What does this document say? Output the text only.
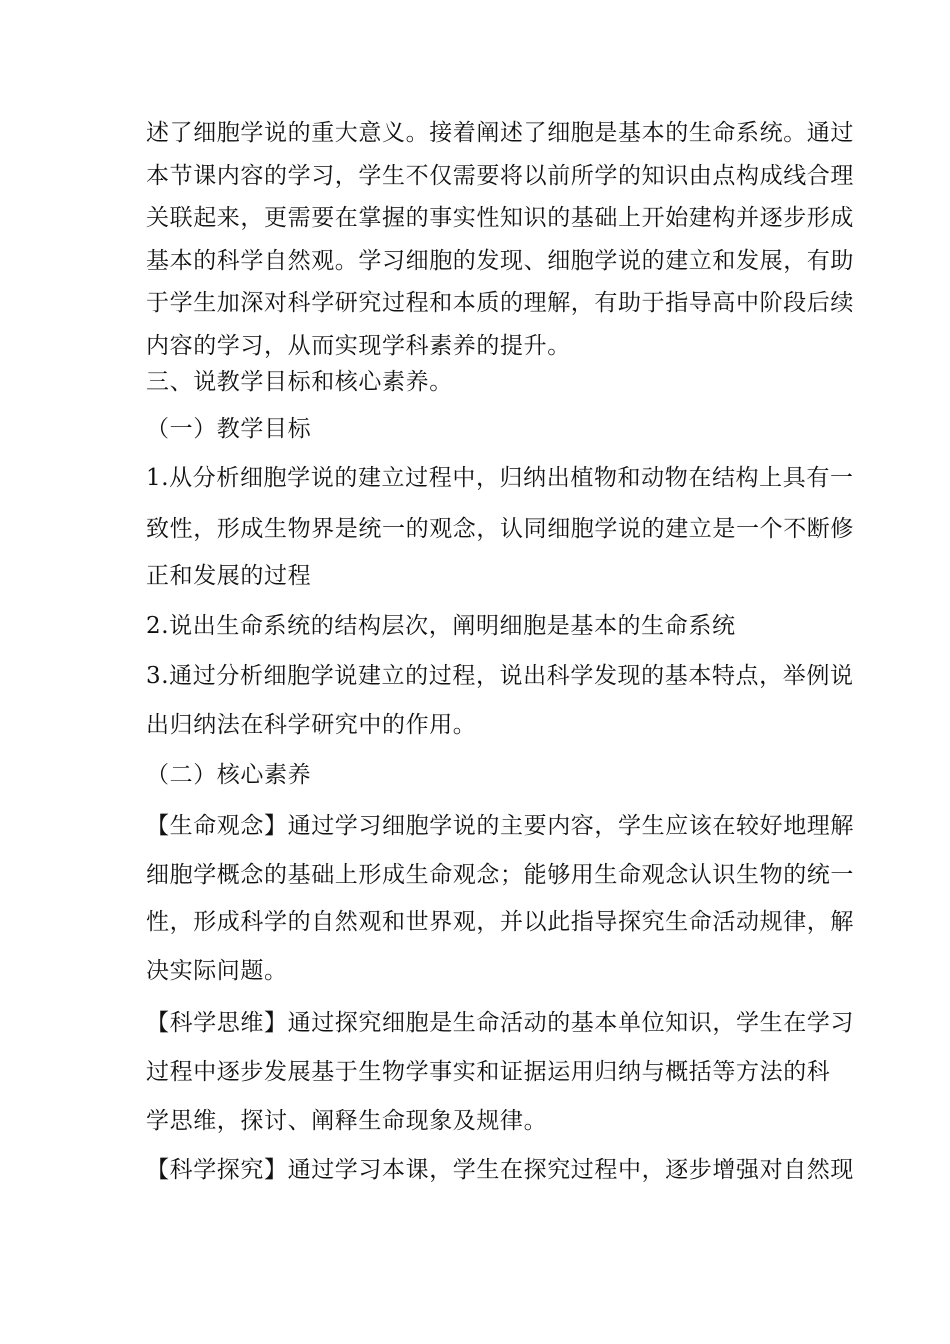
述了细胞学说的重大意义。接着阐述了细胞是基本的生命系统。通过
本节课内容的学习，学生不仅需要将以前所学的知识由点构成线合理
关联起来，更需要在掌握的事实性知识的基础上开始建构并逐步形成
基本的科学自然观。学习细胞的发现、细胞学说的建立和发展，有助
于学生加深对科学研究过程和本质的理解，有助于指导高中阶段后续
内容的学习，从而实现学科素养的提升。
三、说教学目标和核心素养。
（一）教学目标
1.从分析细胞学说的建立过程中，归纳出植物和动物在结构上具有一
致性，形成生物界是统一的观念，认同细胞学说的建立是一个不断修
正和发展的过程
2.说出生命系统的结构层次，阐明细胞是基本的生命系统
3.通过分析细胞学说建立的过程，说出科学发现的基本特点，举例说
出归纳法在科学研究中的作用。
（二）核心素养
【生命观念】通过学习细胞学说的主要内容，学生应该在较好地理解
细胞学概念的基础上形成生命观念；能够用生命观念认识生物的统一
性，形成科学的自然观和世界观，并以此指导探究生命活动规律，解
决实际问题。
【科学思维】通过探究细胞是生命活动的基本单位知识，学生在学习
过程中逐步发展基于生物学事实和证据运用归纳与概括等方法的科
学思维，探讨、阐释生命现象及规律。
【科学探究】通过学习本课，学生在探究过程中，逐步增强对自然现
